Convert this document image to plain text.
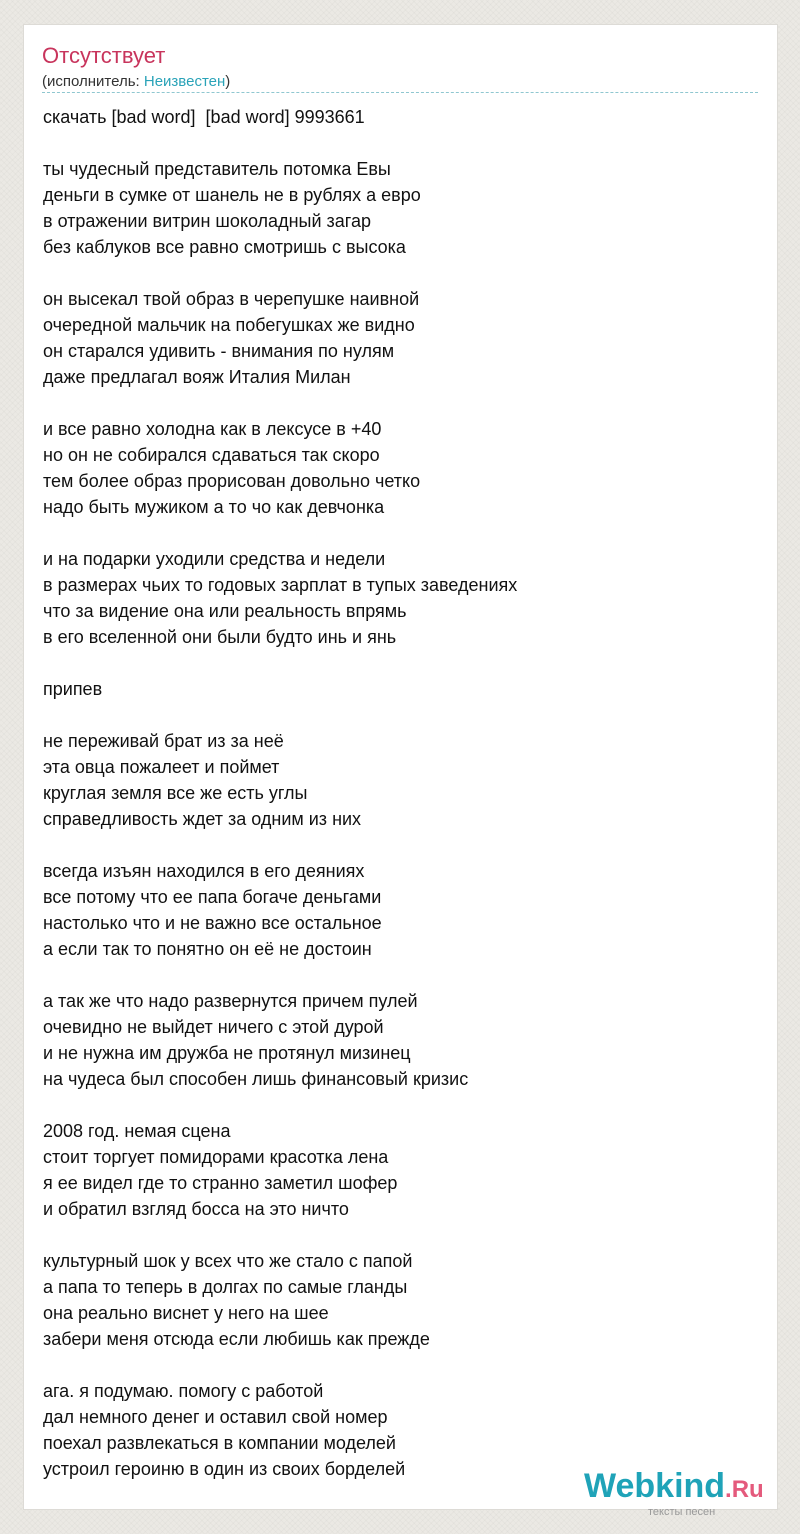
Отсутствует
(исполнитель: Неизвестен)
скачать [bad word]  [bad word] 9993661
ты чудесный представитель потомка Евы
деньги в сумке от шанель не в рублях а евро
в отражении витрин шоколадный загар
без каблуков все равно смотришь с высока
он высекал твой образ в черепушке наивной
очередной мальчик на побегушках же видно
он старался удивить - внимания по нулям
даже предлагал вояж Италия Милан
и все равно холодна как в лексусе в +40
но он не собирался сдаваться так скоро
тем более образ прорисован довольно четко
надо быть мужиком а то чо как девчонка
и на подарки уходили средства и недели
в размерах чьих то годовых зарплат в тупых заведениях
что за видение она или реальность впрямь
в его вселенной они были будто инь и янь
припев
не переживай брат из за неё
эта овца пожалеет и поймет
круглая земля все же есть углы
справедливость ждет за одним из них
всегда изъян находился в его деяниях
все потому что ее папа богаче деньгами
настолько что и не важно все остальное
а если так то понятно он её не достоин
а так же что надо развернутся причем пулей
очевидно не выйдет ничего с этой дурой
и не нужна им дружба не протянул мизинец
на чудеса был способен лишь финансовый кризис
2008 год. немая сцена
стоит торгует помидорами красотка лена
я ее видел где то странно заметил шофер
и обратил взгляд босса на это ничто
культурный шок у всех что же стало с папой
а папа то теперь в долгах по самые гланды
она реально виснет у него на шее
забери меня отсюда если любишь как прежде
ага. я подумаю. помогу с работой
дал немного денег и оставил свой номер
поехал развлекаться в компании моделей
устроил героиню в один из своих борделей	Webkind.Ru
тексты песен
